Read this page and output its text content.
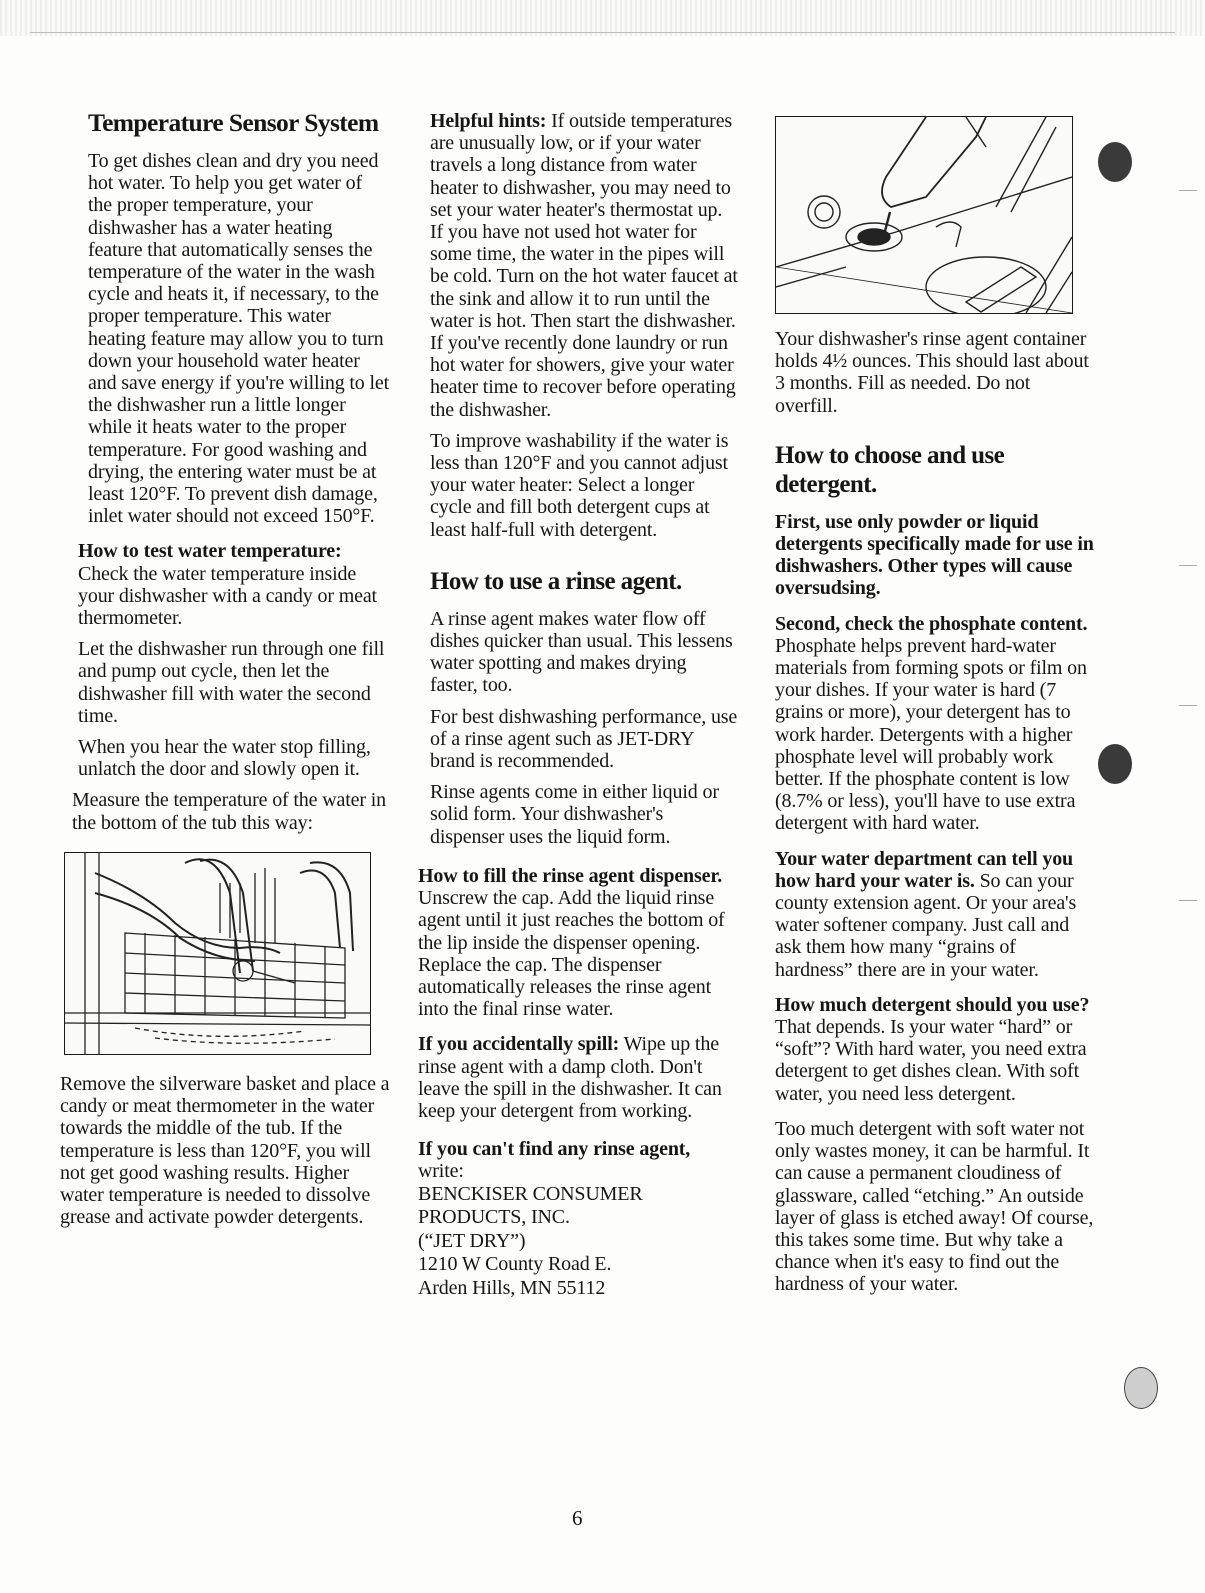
Temperature Sensor System

To get dishes clean and dry you need hot water. To help you get water of the proper temperature, your dishwasher has a water heating feature that automatically senses the temperature of the water in the wash cycle and heats it, if necessary, to the proper temperature. This water heating feature may allow you to turn down your household water heater and save energy if you're willing to let the dishwasher run a little longer while it heats water to the proper temperature. For good washing and drying, the entering water must be at least 120°F. To prevent dish damage, inlet water should not exceed 150°F.

How to test water temperature: Check the water temperature inside your dishwasher with a candy or meat thermometer.

Let the dishwasher run through one fill and pump out cycle, then let the dishwasher fill with water the second time.

When you hear the water stop filling, unlatch the door and slowly open it.

Measure the temperature of the water in the bottom of the tub this way:

Remove the silverware basket and place a candy or meat thermometer in the water towards the middle of the tub. If the temperature is less than 120°F, you will not get good washing results. Higher water temperature is needed to dissolve grease and activate powder detergents.

Helpful hints: If outside temperatures are unusually low, or if your water travels a long distance from water heater to dishwasher, you may need to set your water heater's thermostat up. If you have not used hot water for some time, the water in the pipes will be cold. Turn on the hot water faucet at the sink and allow it to run until the water is hot. Then start the dishwasher. If you've recently done laundry or run hot water for showers, give your water heater time to recover before operating the dishwasher.

To improve washability if the water is less than 120°F and you cannot adjust your water heater: Select a longer cycle and fill both detergent cups at least half-full with detergent.

How to use a rinse agent.

A rinse agent makes water flow off dishes quicker than usual. This lessens water spotting and makes drying faster, too.

For best dishwashing performance, use of a rinse agent such as JET-DRY brand is recommended.

Rinse agents come in either liquid or solid form. Your dishwasher's dispenser uses the liquid form.

How to fill the rinse agent dispenser. Unscrew the cap. Add the liquid rinse agent until it just reaches the bottom of the lip inside the dispenser opening. Replace the cap. The dispenser automatically releases the rinse agent into the final rinse water.

If you accidentally spill: Wipe up the rinse agent with a damp cloth. Don't leave the spill in the dishwasher. It can keep your detergent from working.

If you can't find any rinse agent, write:

BENCKISER CONSUMER

PRODUCTS, INC.

(“JET DRY”)

1210 W County Road E.

Arden Hills, MN 55112

Your dishwasher's rinse agent container holds 4½ ounces. This should last about 3 months. Fill as needed. Do not overfill.

How to choose and use detergent.

First, use only powder or liquid detergents specifically made for use in dishwashers. Other types will cause oversudsing.

Second, check the phosphate content. Phosphate helps prevent hard-water materials from forming spots or film on your dishes. If your water is hard (7 grains or more), your detergent has to work harder. Detergents with a higher phosphate level will probably work better. If the phosphate content is low (8.7% or less), you'll have to use extra detergent with hard water.

Your water department can tell you how hard your water is. So can your county extension agent. Or your area's water softener company. Just call and ask them how many “grains of hardness” there are in your water.

How much detergent should you use? That depends. Is your water “hard” or “soft”? With hard water, you need extra detergent to get dishes clean. With soft water, you need less detergent.

Too much detergent with soft water not only wastes money, it can be harmful. It can cause a permanent cloudiness of glassware, called “etching.” An outside layer of glass is etched away! Of course, this takes some time. But why take a chance when it's easy to find out the hardness of your water.

6
